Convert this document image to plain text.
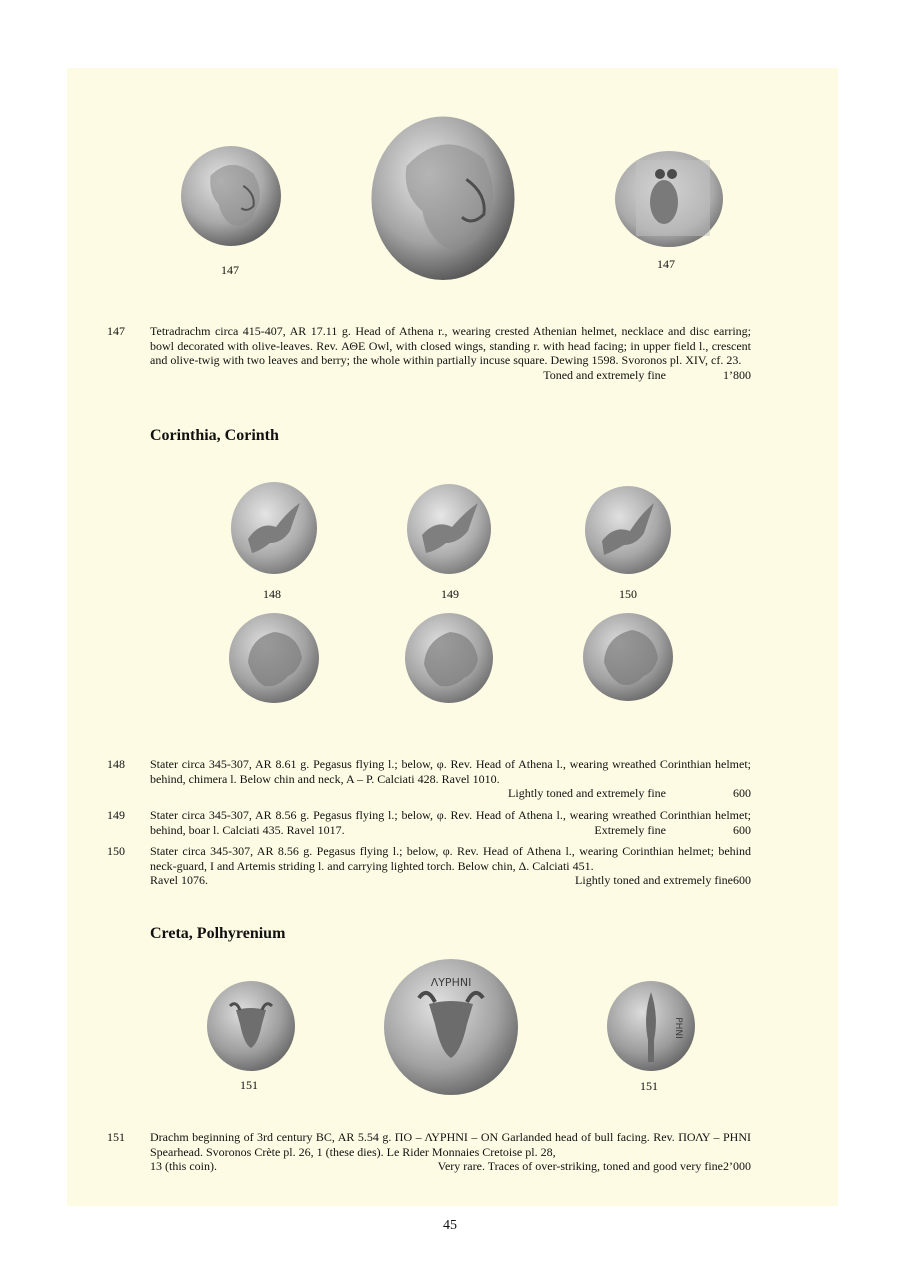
147	147
147 Tetradrachm circa 415-407, AR 17.11 g. Head of Athena r., wearing crested Athenian helmet, necklace and disc earring; bowl decorated with olive-leaves. Rev. ΑΘΕ Owl, with closed wings, standing r. with head facing; in upper field l., crescent and olive-twig with two leaves and berry; the whole within partially incuse square. Dewing 1598. Svoronos pl. XIV, cf. 23.

Toned and extremely fine	1’800
Corinthia, Corinth
148	149	150
148 Stater circa 345-307, AR 8.61 g. Pegasus flying l.; below, φ. Rev. Head of Athena l., wearing wreathed Corinthian helmet; behind, chimera l. Below chin and neck, A – P. Calciati 428. Ravel 1010.

Lightly toned and extremely fine	600
149 Stater circa 345-307, AR 8.56 g. Pegasus flying l.; below, φ. Rev. Head of Athena l., wearing wreathed Corinthian helmet; behind, boar l. Calciati 435. Ravel 1017.	Extremely fine	600
150 Stater circa 345-307, AR 8.56 g. Pegasus flying l.; below, φ. Rev. Head of Athena l., wearing Corinthian helmet; behind neck-guard, I and Artemis striding l. and carrying lighted torch. Below chin, Δ. Calciati 451.

Ravel 1076.	Lightly toned and extremely fine 600
Creta, Polhyrenium
ΛΥΡΗΝΙ
ΡΗΝΙ
151	151
151 Drachm beginning of 3rd century BC, AR 5.54 g. ΠΟ – ΛΥΡΗΝΙ – ΟΝ Garlanded head of bull facing. Rev. ΠΟΛΥ – ΡΗΝΙ Spearhead. Svoronos Crète pl. 26, 1 (these dies). Le Rider Monnaies Cretoise pl. 28,

13 (this coin).	Very rare. Traces of over-striking, toned and good very fine 2’000
45
